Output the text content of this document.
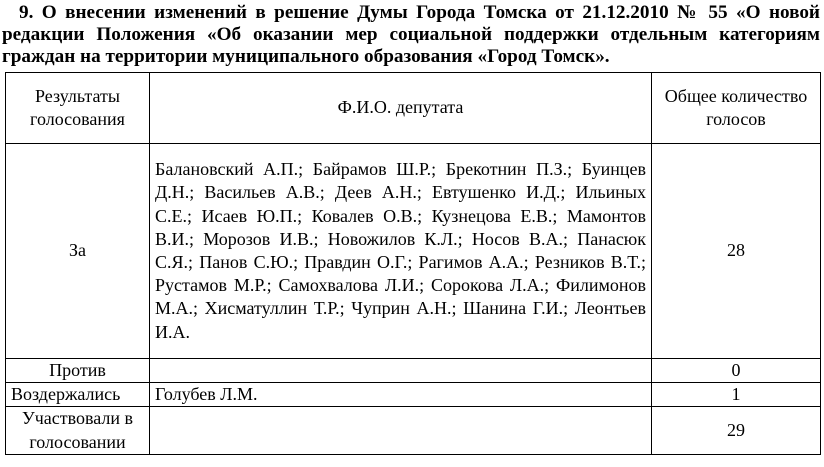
9. О внесении изменений в решение Думы Города Томска от 21.12.2010 № 55 «О новой редакции Положения «Об оказании мер социальной поддержки отдельным категориям граждан на территории муниципального образования «Город Томск».
Результаты голосования	Ф.И.О. депутата	Общее количество голосов
За	Балановский А.П.; Байрамов Ш.Р.; Брекотнин П.З.; Буинцев Д.Н.; Васильев А.В.; Деев А.Н.; Евтушенко И.Д.; Ильиных С.Е.; Исаев Ю.П.; Ковалев О.В.; Кузнецова Е.В.; Мамонтов В.И.; Морозов И.В.; Новожилов К.Л.; Носов В.А.; Панасюк С.Я.; Панов С.Ю.; Правдин О.Г.; Рагимов А.А.; Резников В.Т.; Рустамов М.Р.; Самохвалова Л.И.; Сорокова Л.А.; Филимонов М.А.; Хисматуллин Т.Р.; Чуприн А.Н.; Шанина Г.И.; Леонтьев И.А.	28
Против		0
Воздержались	Голубев Л.М.	1
Участвовали в голосовании		29
